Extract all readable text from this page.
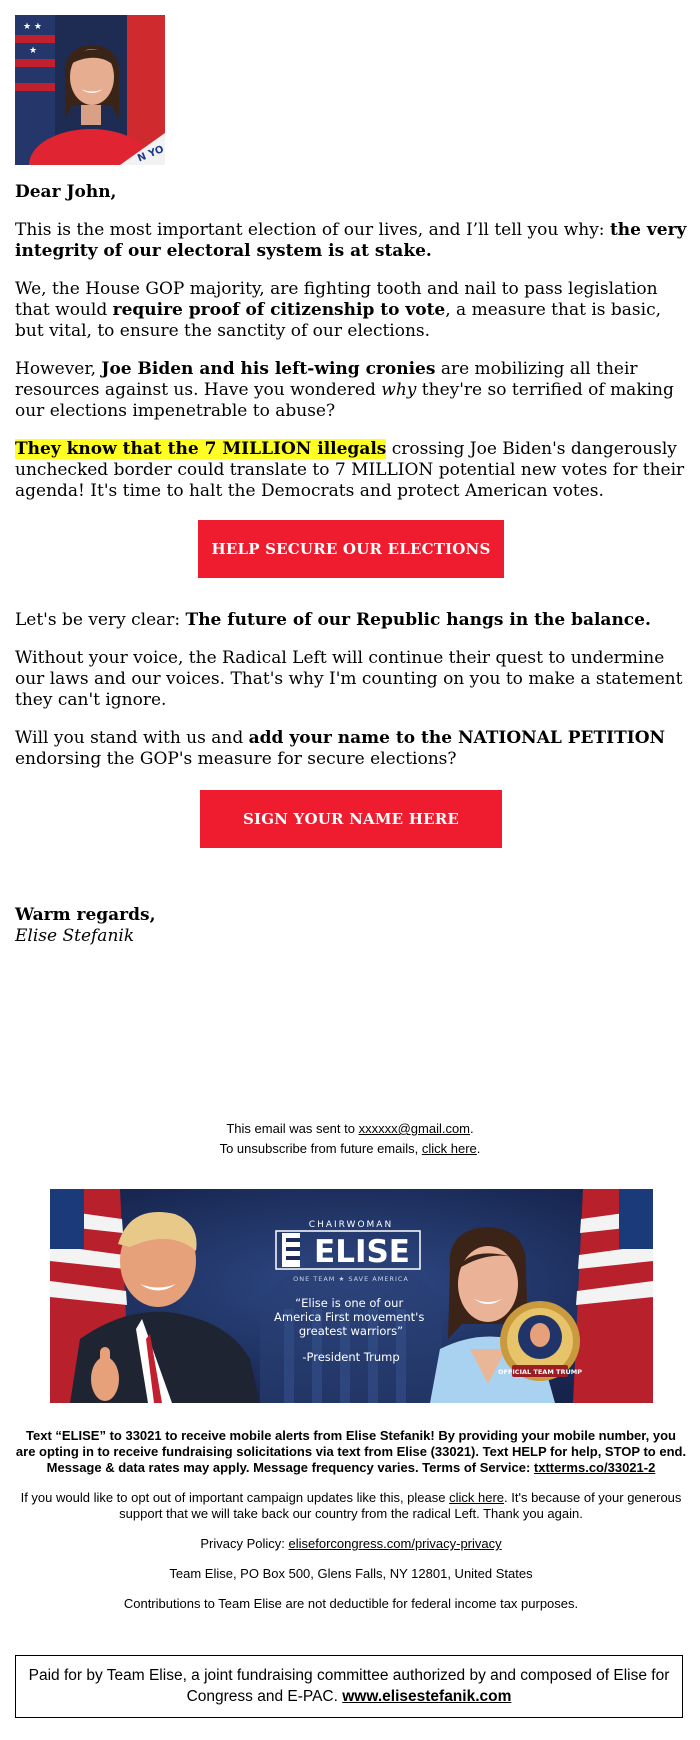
★ ★
★
N YO

Dear John,

This is the most important election of our lives, and I’ll tell you why: the very integrity of our electoral system is at stake.

We, the House GOP majority, are fighting tooth and nail to pass legislation that would require proof of citizenship to vote, a measure that is basic, but vital, to ensure the sanctity of our elections.

However, Joe Biden and his left-wing cronies are mobilizing all their resources against us. Have you wondered why they're so terrified of making our elections impenetrable to abuse?

They know that the 7 MILLION illegals crossing Joe Biden's dangerously unchecked border could translate to 7 MILLION potential new votes for their agenda! It's time to halt the Democrats and protect American votes.

HELP SECURE OUR ELECTIONS

Let's be very clear: The future of our Republic hangs in the balance.

Without your voice, the Radical Left will continue their quest to undermine our laws and our voices. That's why I'm counting on you to make a statement they can't ignore.

Will you stand with us and add your name to the NATIONAL PETITION endorsing the GOP's measure for secure elections?

SIGN YOUR NAME HERE
Warm regards,
Elise Stefanik
This email was sent to xxxxxx@gmail.com.
To unsubscribe from future emails, click here.
OFFICIAL TEAM TRUMP
CHAIRWOMAN
ELISE
ONE TEAM ★ SAVE AMERICA
“Elise is one of our America First movement's greatest warriors”
-President Trump

Text “ELISE” to 33021 to receive mobile alerts from Elise Stefanik! By providing your mobile number, you are opting in to receive fundraising solicitations via text from Elise (33021). Text HELP for help, STOP to end. Message & data rates may apply. Message frequency varies. Terms of Service: txtterms.co/33021-2

If you would like to opt out of important campaign updates like this, please click here. It's because of your generous support that we will take back our country from the radical Left. Thank you again.

Privacy Policy: eliseforcongress.com/privacy-privacy

Team Elise, PO Box 500, Glens Falls, NY 12801, United States

Contributions to Team Elise are not deductible for federal income tax purposes.

Paid for by Team Elise, a joint fundraising committee authorized by and composed of Elise for Congress and E-PAC. www.elisestefanik.com
